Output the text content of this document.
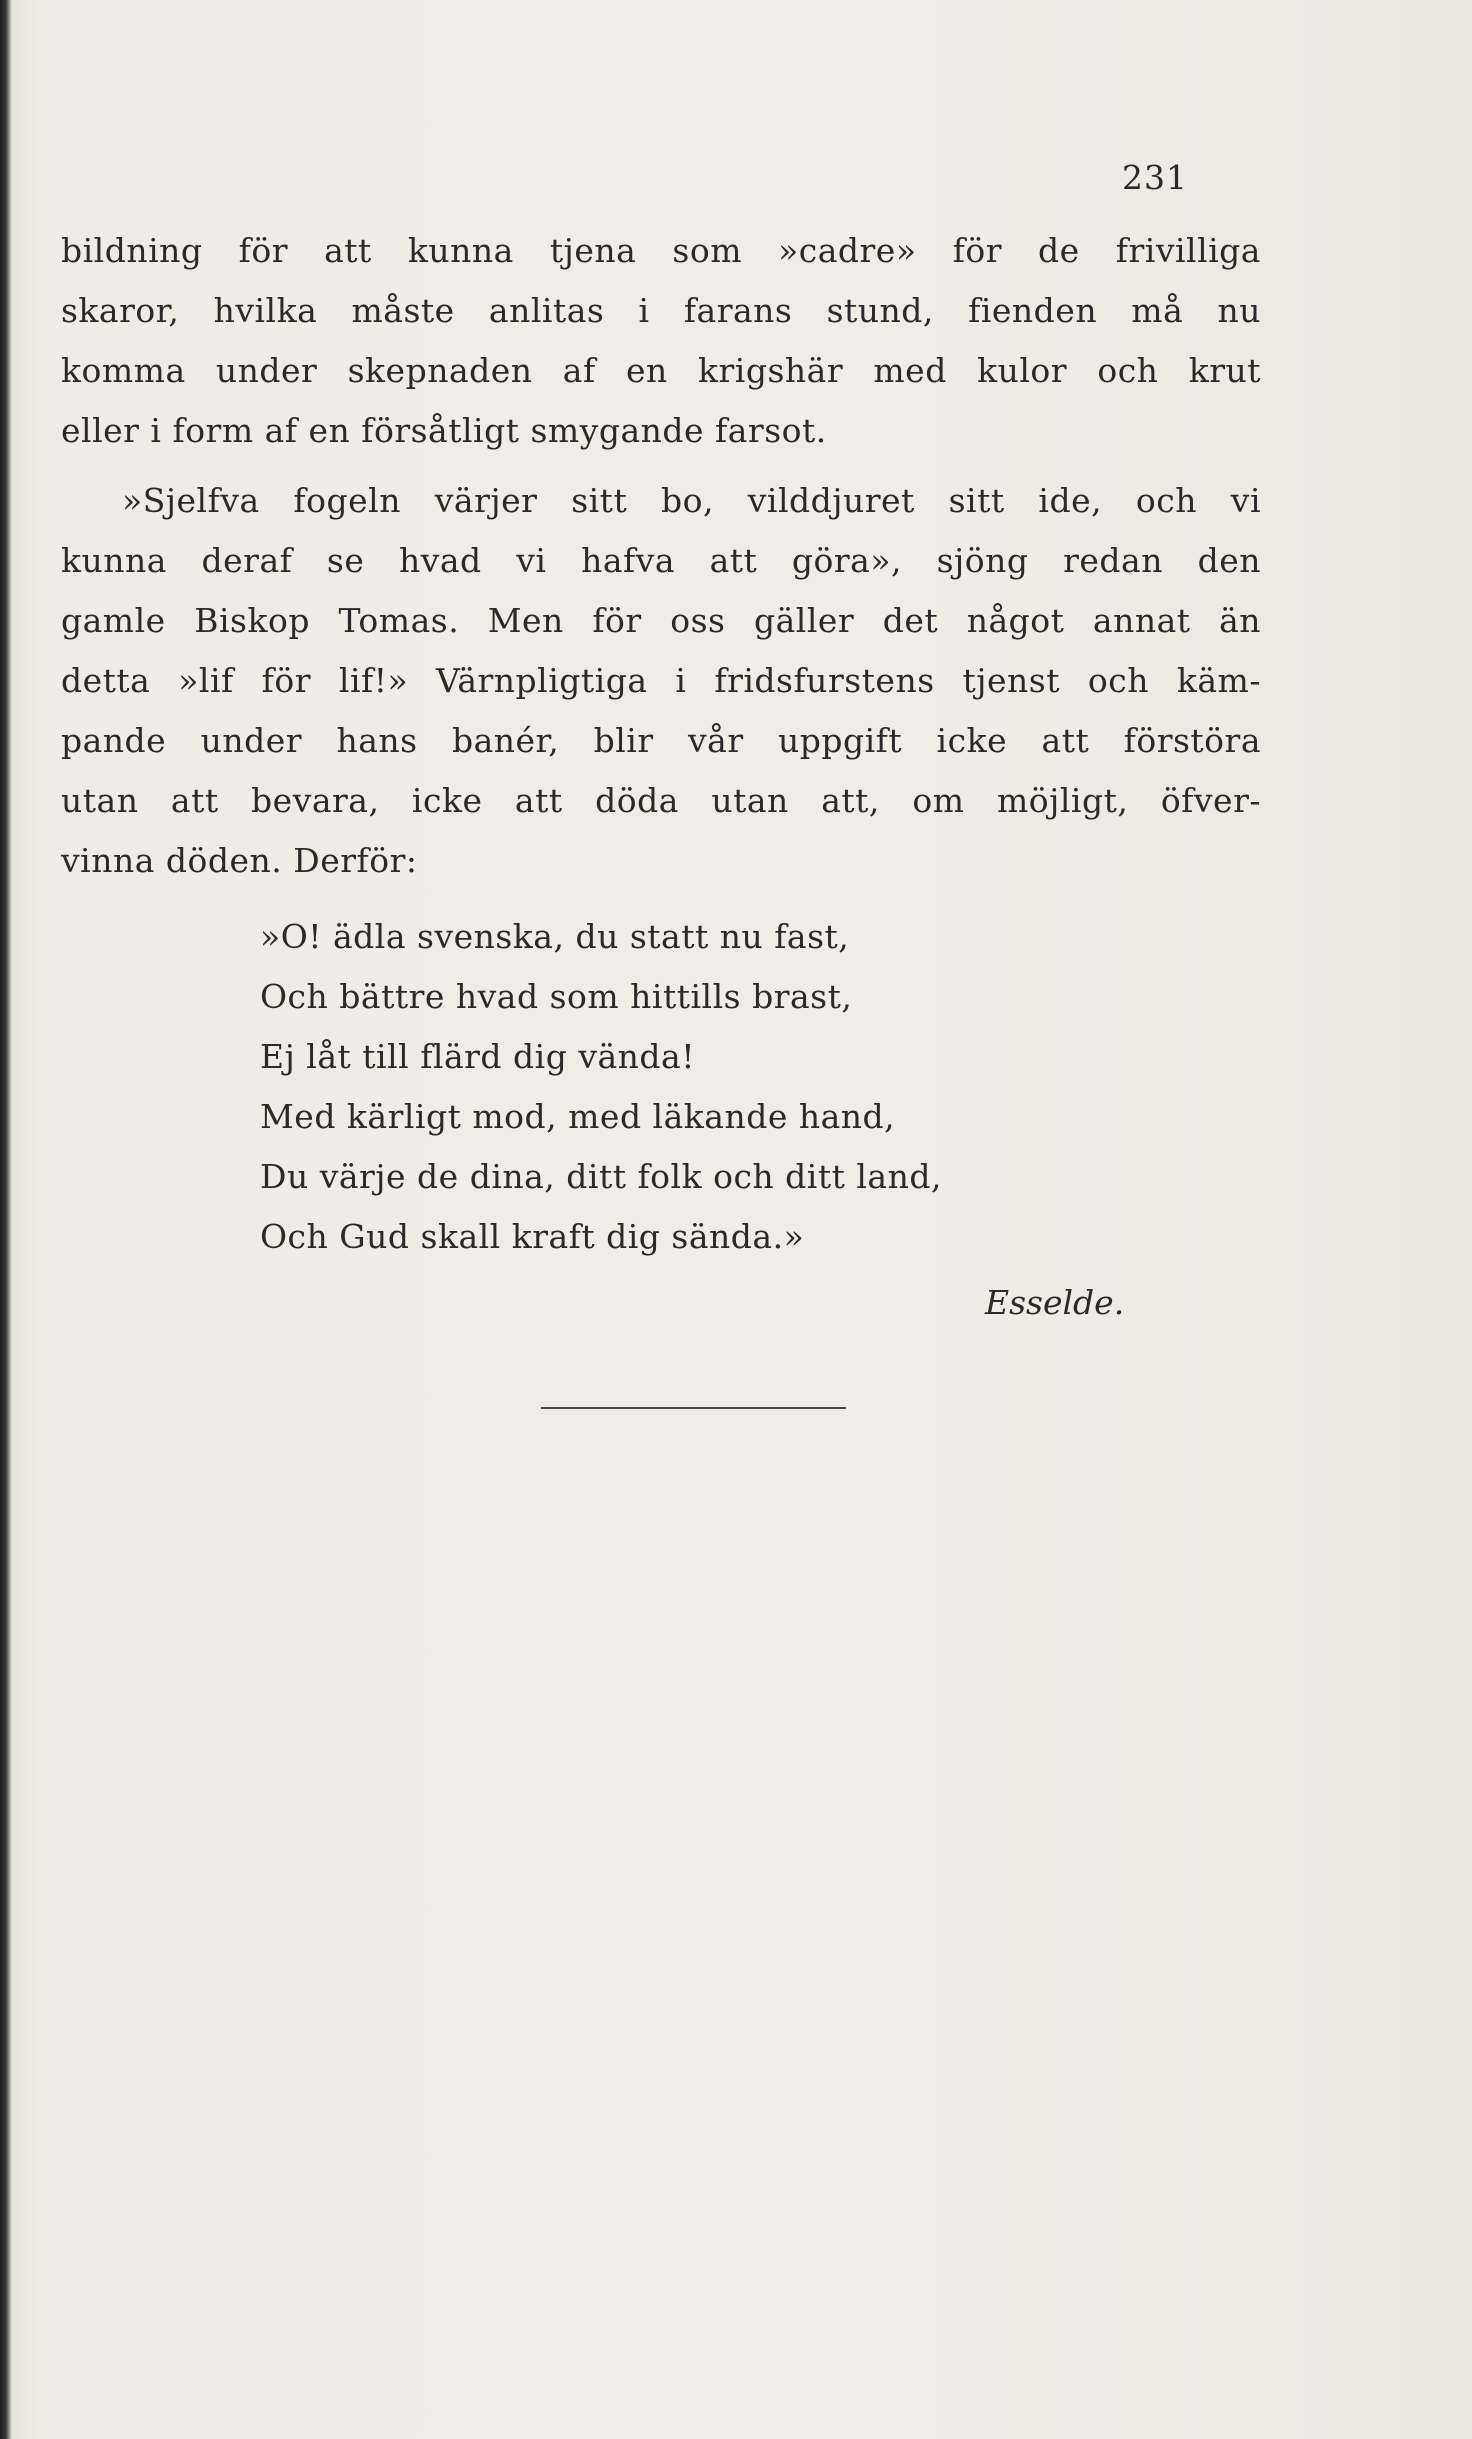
231
bildning för att kunna tjena som »cadre» för de frivilliga
skaror, hvilka måste anlitas i farans stund, fienden må nu
komma under skepnaden af en krigshär med kulor och krut
eller i form af en försåtligt smygande farsot.
»Sjelfva fogeln värjer sitt bo, vilddjuret sitt ide, och vi
kunna deraf se hvad vi hafva att göra», sjöng redan den
gamle Biskop Tomas. Men för oss gäller det något annat än
detta »lif för lif!» Värnpligtiga i fridsfurstens tjenst och käm-
pande under hans banér, blir vår uppgift icke att förstöra
utan att bevara, icke att döda utan att, om möjligt, öfver-
vinna döden. Derför:
»O! ädla svenska, du statt nu fast,
Och bättre hvad som hittills brast,
Ej låt till flärd dig vända!
Med kärligt mod, med läkande hand,
Du värje de dina, ditt folk och ditt land,
Och Gud skall kraft dig sända.»
Esselde.
